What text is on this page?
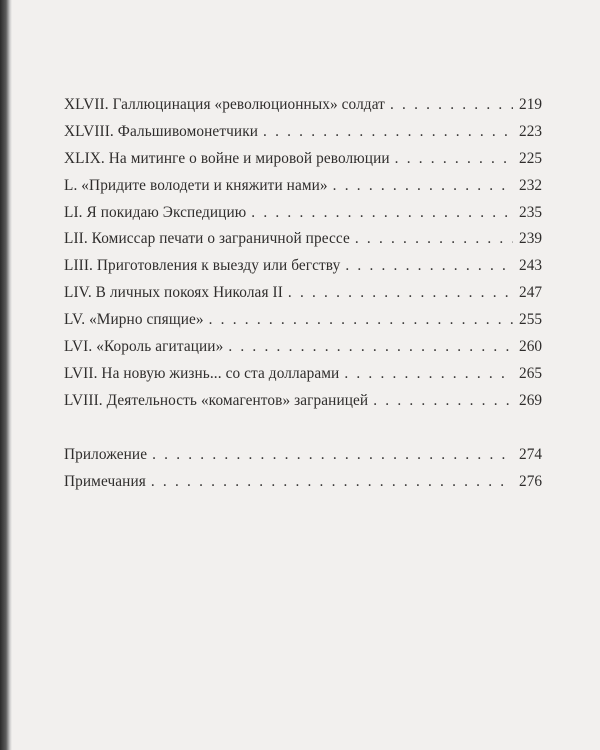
XLVII. Галлюцинация «революционных» солдат . . .	219
XLVIII. Фальшивомонетчики . . .	223
XLIX. На митинге о войне и мировой революции . . .	225
L. «Придите володети и княжити нами» . . .	232
LI. Я покидаю Экспедицию . . .	235
LII. Комиссар печати о заграничной прессе . . .	239
LIII. Приготовления к выезду или бегству . . .	243
LIV. В личных покоях Николая II . . .	247
LV. «Мирно спящие» . . .	255
LVI. «Король агитации» . . .	260
LVII. На новую жизнь... со ста долларами . . .	265
LVIII. Деятельность «комагентов» заграницей . . .	269
Приложение . . .	274
Примечания . . .	276
